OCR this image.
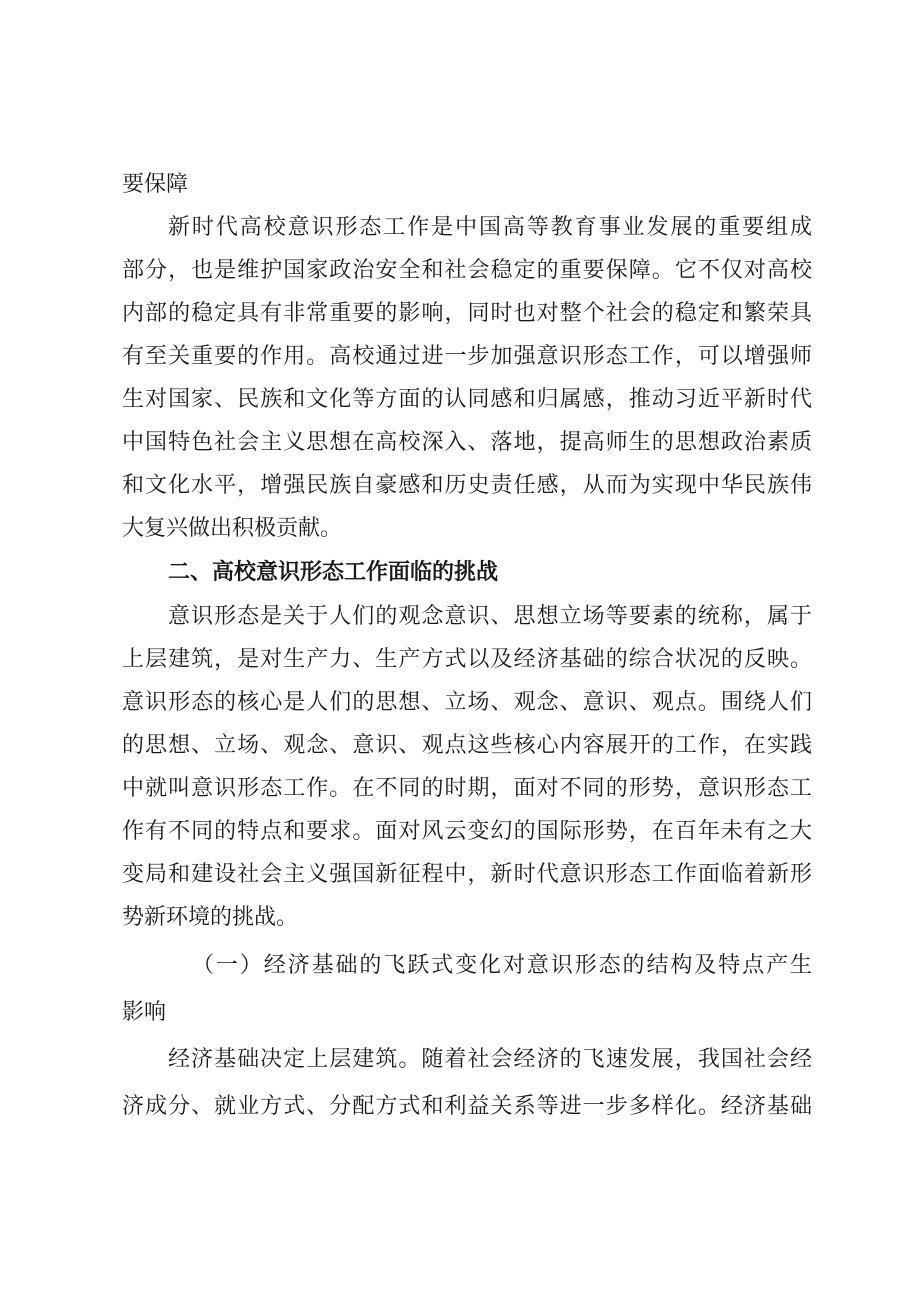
要保障
新时代高校意识形态工作是中国高等教育事业发展的重要组成
部分，也是维护国家政治安全和社会稳定的重要保障。它不仅对高校
内部的稳定具有非常重要的影响，同时也对整个社会的稳定和繁荣具
有至关重要的作用。高校通过进一步加强意识形态工作，可以增强师
生对国家、民族和文化等方面的认同感和归属感，推动习近平新时代
中国特色社会主义思想在高校深入、落地，提高师生的思想政治素质
和文化水平，增强民族自豪感和历史责任感，从而为实现中华民族伟
大复兴做出积极贡献。
二、高校意识形态工作面临的挑战
意识形态是关于人们的观念意识、思想立场等要素的统称，属于
上层建筑，是对生产力、生产方式以及经济基础的综合状况的反映。
意识形态的核心是人们的思想、立场、观念、意识、观点。围绕人们
的思想、立场、观念、意识、观点这些核心内容展开的工作，在实践
中就叫意识形态工作。在不同的时期，面对不同的形势，意识形态工
作有不同的特点和要求。面对风云变幻的国际形势，在百年未有之大
变局和建设社会主义强国新征程中，新时代意识形态工作面临着新形
势新环境的挑战。
（一）经济基础的飞跃式变化对意识形态的结构及特点产生
影响
经济基础决定上层建筑。随着社会经济的飞速发展，我国社会经
济成分、就业方式、分配方式和利益关系等进一步多样化。经济基础
